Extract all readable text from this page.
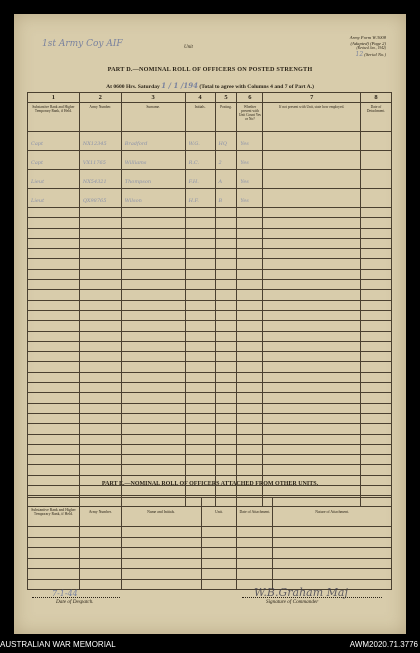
1st Army Coy AIF	Unit
Army Form W.3008
(Adapted) (Page 2)
(Revised Jan., 1942)
12 (Serial No.)
PART D.—NOMINAL ROLL OF OFFICERS ON POSTED STRENGTH
At 0600 Hrs. Saturday 1 / 1 /194 (Total to agree with Columns 4 and 7 of Part A.)
1	2	3	4	5	6	7	8

Substantive Rank and Higher Temporary Rank, if Held.	Army Number.	Surname.	Initials.	Posting.	Whether present with Unit Count Yes or No?	If not present with Unit, state how employed.	Date of Detachment.

Capt	NX12345	Bradford	W.G.	HQ	Yes		
Capt	VX11765	Williams	R.C.	2	Yes		
Lieut	NX54321	Thompson	F.H.	A	Yes		
Lieut	QX98765	Wilson	H.F.	B	Yes		

PART E.—NOMINAL ROLL OF OFFICERS ATTACHED FROM OTHER UNITS.
Substantive Rank and Higher Temporary Rank, if Held.	Army Number.	Name and Initials.	Unit.	Date of Attachment.	Nature of Attachment.

7-1-44
Date of Despatch.
W.B.Graham Maj
Signature of Commander
AUSTRALIAN WAR MEMORIAL	AWM2020.71.3776
